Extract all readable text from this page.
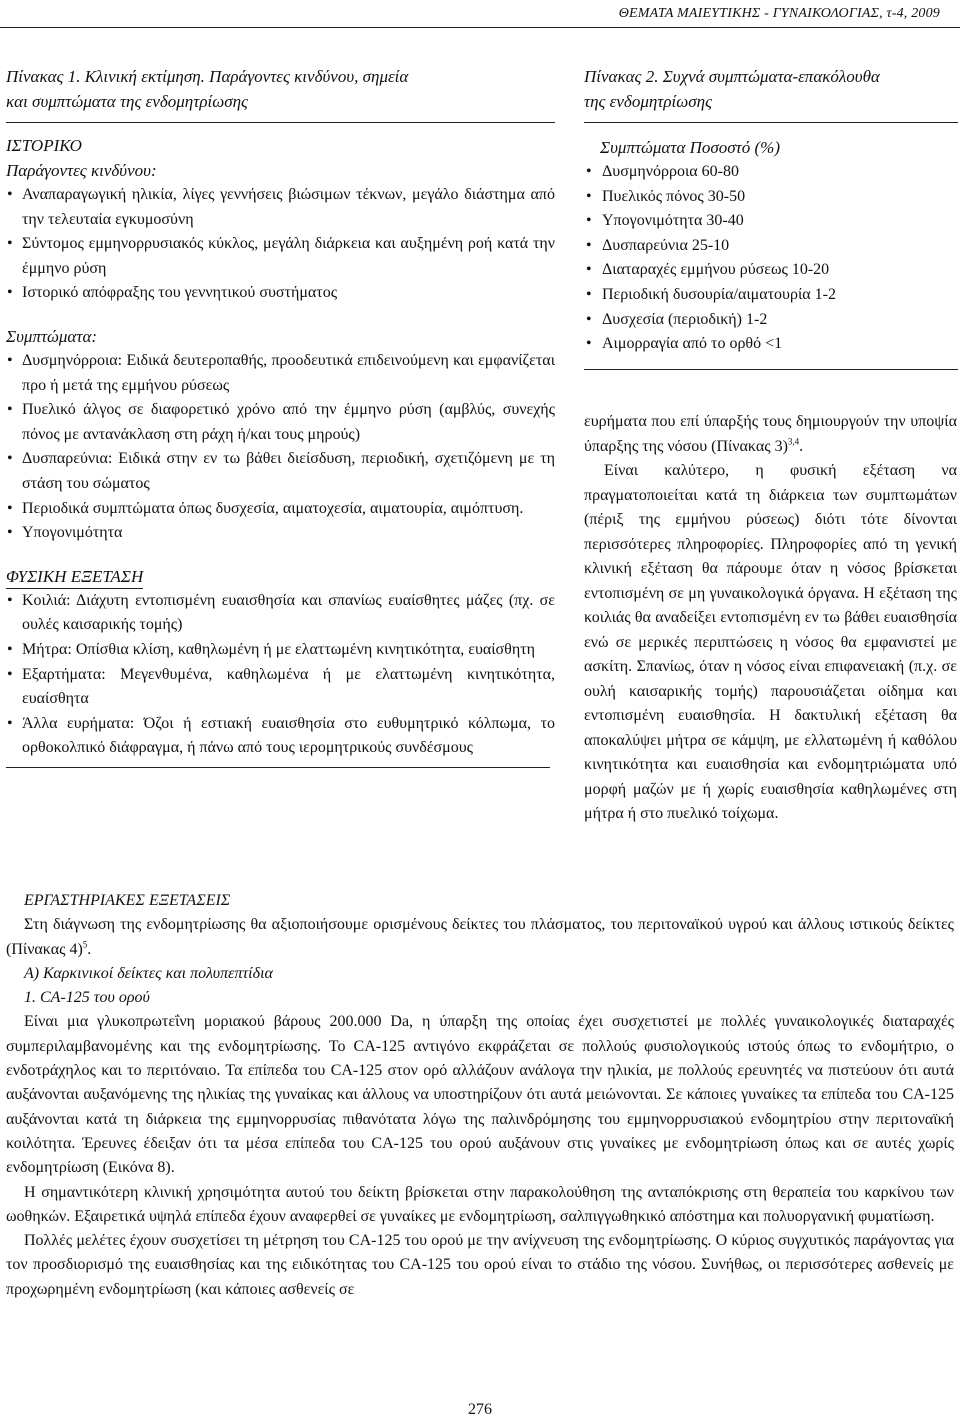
ΘΕΜΑΤΑ ΜΑΙΕΥΤΙΚΗΣ - ΓΥΝΑΙΚΟΛΟΓΙΑΣ, τ-4, 2009
Πίνακας 1. Κλινική εκτίμηση. Παράγοντες κινδύνου, σημεία
και συμπτώματα της ενδομητρίωσης
ΙΣΤΟΡΙΚΟ
Παράγοντες κινδύνου:
• Αναπαραγωγική ηλικία, λίγες γεννήσεις βιώσιμων τέκνων, μεγάλο διάστημα από την τελευταία εγκυμοσύνη
• Σύντομος εμμηνορρυσιακός κύκλος, μεγάλη διάρκεια και αυξημένη ροή κατά την έμμηνο ρύση
• Ιστορικό απόφραξης του γεννητικού συστήματος
Συμπτώματα:
• Δυσμηνόρροια: Ειδικά δευτεροπαθής, προοδευτικά επιδεινούμενη και εμφανίζεται προ ή μετά της εμμήνου ρύσεως
• Πυελικό άλγος σε διαφορετικό χρόνο από την έμμηνο ρύση (αμβλύς, συνεχής πόνος με αντανάκλαση στη ράχη ή/και τους μηρούς)
• Δυσπαρεύνια: Ειδικά στην εν τω βάθει διείσδυση, περιοδική, σχετιζόμενη με τη στάση του σώματος
• Περιοδικά συμπτώματα όπως δυσχεσία, αιματοχεσία, αιματουρία, αιμόπτυση.
• Υπογονιμότητα
ΦΥΣΙΚΗ ΕΞΕΤΑΣΗ
• Κοιλιά: Διάχυτη εντοπισμένη ευαισθησία και σπανίως ευαίσθητες μάζες (πχ. σε ουλές καισαρικής τομής)
• Μήτρα: Οπίσθια κλίση, καθηλωμένη ή με ελαττωμένη κινητικότητα, ευαίσθητη
• Εξαρτήματα: Μεγενθυμένα, καθηλωμένα ή με ελαττωμένη κινητικότητα, ευαίσθητα
• Άλλα ευρήματα: Όζοι ή εστιακή ευαισθησία στο ευθυμητρικό κόλπωμα, το ορθοκολπικό διάφραγμα, ή πάνω από τους ιερομητρικούς συνδέσμους
Πίνακας 2. Συχνά συμπτώματα-επακόλουθα
της ενδομητρίωσης
Συμπτώματα Ποσοστό (%)
• Δυσμηνόρροια 60-80
• Πυελικός πόνος 30-50
• Υπογονιμότητα 30-40
• Δυσπαρεύνια 25-10
• Διαταραχές εμμήνου ρύσεως 10-20
• Περιοδική δυσουρία/αιματουρία 1-2
• Δυσχεσία (περιοδική) 1-2
• Αιμορραγία από το ορθό <1

ευρήματα που επί ύπαρξής τους δημιουργούν την υποψία ύπαρξης της νόσου (Πίνακας 3)$^{3,4}$.

Είναι καλύτερο, η φυσική εξέταση να πραγματοποιείται κατά τη διάρκεια των συμπτωμάτων (πέριξ της εμμήνου ρύσεως) διότι τότε δίνονται περισσότερες πληροφορίες. Πληροφορίες από τη γενική κλινική εξέταση θα πάρουμε όταν η νόσος βρίσκεται εντοπισμένη σε μη γυναικολογικά όργανα. Η εξέταση της κοιλιάς θα αναδείξει εντοπισμένη εν τω βάθει ευαισθησία ενώ σε μερικές περιπτώσεις η νόσος θα εμφανιστεί με ασκίτη. Σπανίως, όταν η νόσος είναι επιφανειακή (π.χ. σε ουλή καισαρικής τομής) παρουσιάζεται οίδημα και εντοπισμένη ευαισθησία. Η δακτυλική εξέταση θα αποκαλύψει μήτρα σε κάμψη, με ελλατωμένη ή καθόλου κινητικότητα και ευαισθησία και ενδομητριώματα υπό μορφή μαζών με ή χωρίς ευαισθησία καθηλωμένες στη μήτρα ή στο πυελικό τοίχωμα.

ΕΡΓΑΣΤΗΡΙΑΚΕΣ ΕΞΕΤΑΣΕΙΣ

Στη διάγνωση της ενδομητρίωσης θα αξιοποιήσουμε ορισμένους δείκτες του πλάσματος, του περιτοναϊκού υγρού και άλλους ιστικούς δείκτες (Πίνακας 4)$^5$.

Α) Καρκινικοί δείκτες και πολυπεπτίδια
1. CA-125 του ορού

Είναι μια γλυκοπρωτεΐνη μοριακού βάρους 200.000 Da, η ύπαρξη της οποίας έχει συσχετιστεί με πολλές γυναικολογικές διαταραχές συμπεριλαμβανομένης και της ενδομητρίωσης. Το CA-125 αντιγόνο εκφράζεται σε πολλούς φυσιολογικούς ιστούς όπως το ενδομήτριο, ο ενδοτράχηλος και το περιτόναιο. Τα επίπεδα του CA-125 στον ορό αλλάζουν ανάλογα την ηλικία, με πολλούς ερευνητές να πιστεύουν ότι αυτά αυξάνονται αυξανόμενης της ηλικίας της γυναίκας και άλλους να υποστηρίζουν ότι αυτά μειώνονται. Σε κάποιες γυναίκες τα επίπεδα του CA-125 αυξάνονται κατά τη διάρκεια της εμμηνορρυσίας πιθανότατα λόγω της παλινδρόμησης του εμμηνορρυσιακού ενδομητρίου στην περιτοναϊκή κοιλότητα. Έρευνες έδειξαν ότι τα μέσα επίπεδα του CA-125 του ορού αυξάνουν στις γυναίκες με ενδομητρίωση όπως και σε αυτές χωρίς ενδομητρίωση (Εικόνα 8).

Η σημαντικότερη κλινική χρησιμότητα αυτού του δείκτη βρίσκεται στην παρακολούθηση της ανταπόκρισης στη θεραπεία του καρκίνου των ωοθηκών. Εξαιρετικά υψηλά επίπεδα έχουν αναφερθεί σε γυναίκες με ενδομητρίωση, σαλπιγγωθηκικό απόστημα και πολυοργανική φυματίωση.

Πολλές μελέτες έχουν συσχετίσει τη μέτρηση του CA-125 του ορού με την ανίχνευση της ενδομητρίωσης. Ο κύριος συγχυτικός παράγοντας για τον προσδιορισμό της ευαισθησίας και της ειδικότητας του CA-125 του ορού είναι το στάδιο της νόσου. Συνήθως, οι περισσότερες ασθενείς με προχωρημένη ενδομητρίωση (και κάποιες ασθενείς σε

276
